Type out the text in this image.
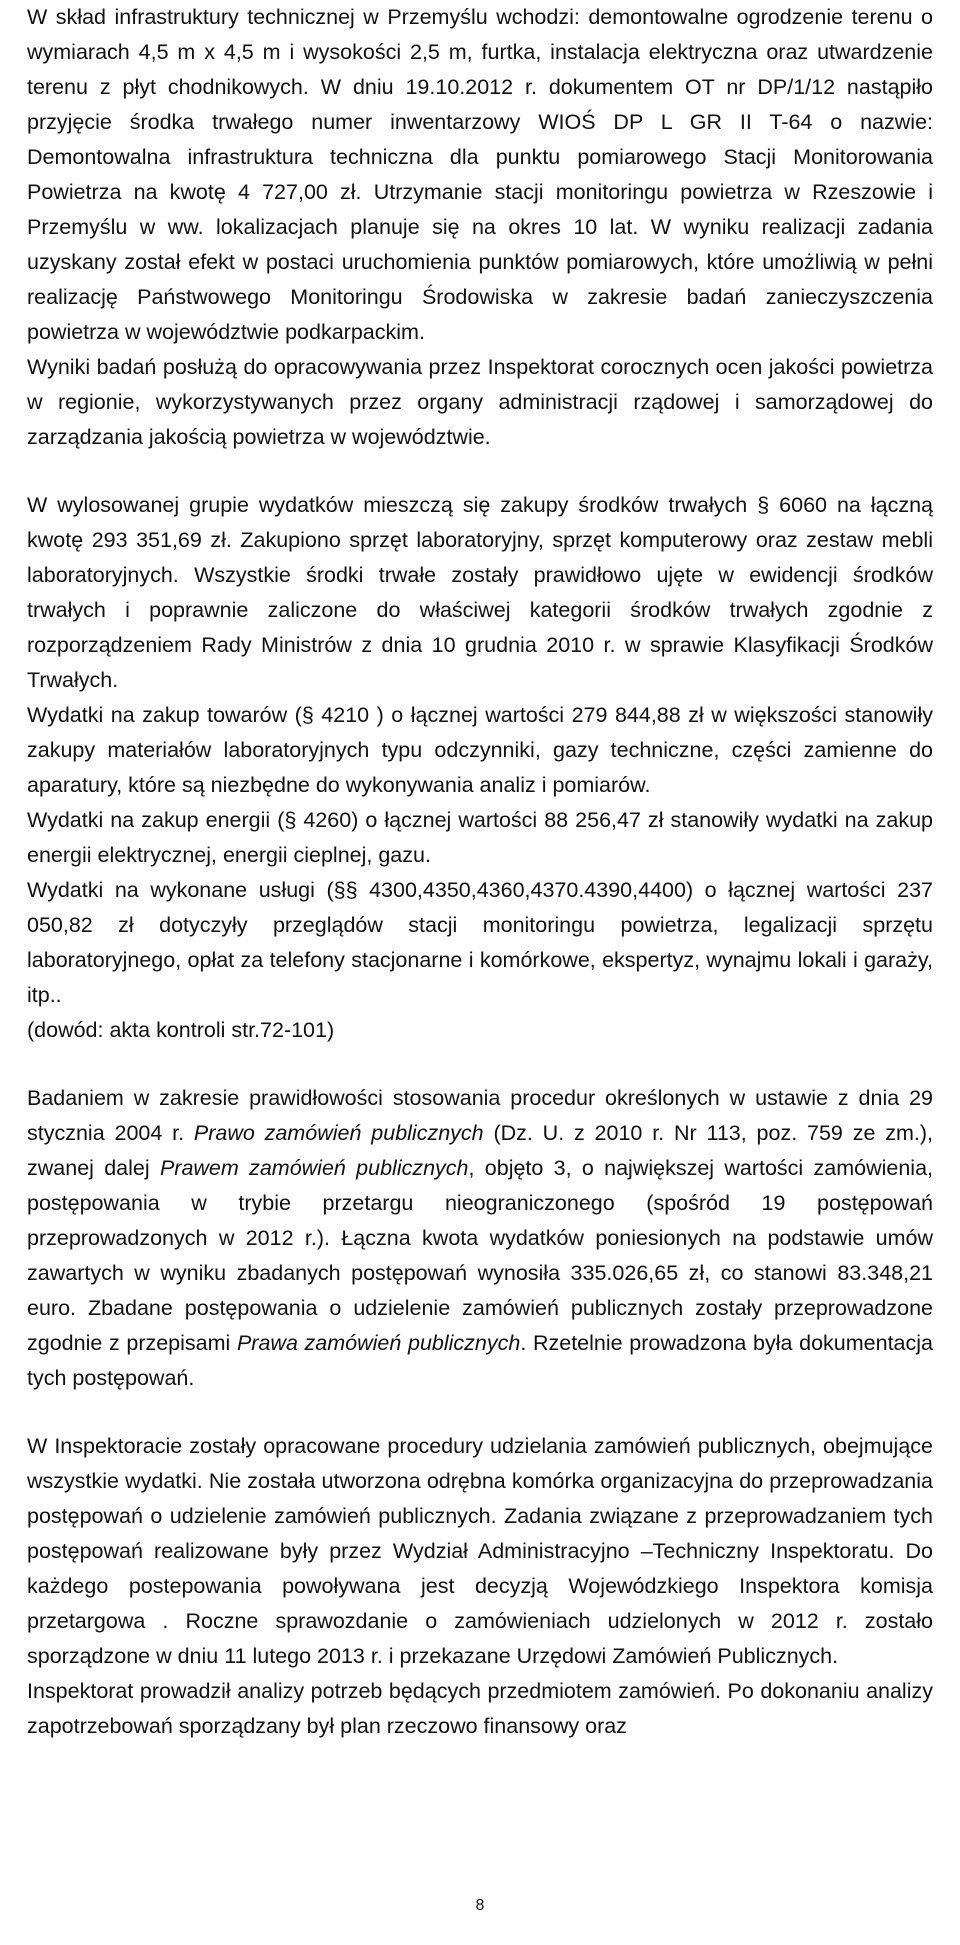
W skład infrastruktury technicznej w Przemyślu wchodzi: demontowalne ogrodzenie terenu o wymiarach 4,5 m x 4,5 m i wysokości 2,5 m, furtka, instalacja elektryczna oraz utwardzenie terenu z płyt chodnikowych. W dniu 19.10.2012 r. dokumentem OT nr DP/1/12 nastąpiło przyjęcie środka trwałego numer inwentarzowy WIOŚ DP L GR II T-64 o nazwie: Demontowalna infrastruktura techniczna dla punktu pomiarowego Stacji Monitorowania Powietrza na kwotę 4 727,00 zł. Utrzymanie stacji monitoringu powietrza w Rzeszowie i Przemyślu w ww. lokalizacjach planuje się na okres 10 lat. W wyniku realizacji zadania uzyskany został efekt w postaci uruchomienia punktów pomiarowych, które umożliwią w pełni realizację Państwowego Monitoringu Środowiska w zakresie badań zanieczyszczenia powietrza w województwie podkarpackim.

Wyniki badań posłużą do opracowywania przez Inspektorat corocznych ocen jakości powietrza w regionie, wykorzystywanych przez organy administracji rządowej i samorządowej do zarządzania jakością powietrza w województwie.

W wylosowanej grupie wydatków mieszczą się zakupy środków trwałych § 6060 na łączną kwotę 293 351,69 zł. Zakupiono sprzęt laboratoryjny, sprzęt komputerowy oraz zestaw mebli laboratoryjnych. Wszystkie środki trwałe zostały prawidłowo ujęte w ewidencji środków trwałych i poprawnie zaliczone do właściwej kategorii środków trwałych zgodnie z rozporządzeniem Rady Ministrów z dnia 10 grudnia 2010 r. w sprawie Klasyfikacji Środków Trwałych.

Wydatki na zakup towarów (§ 4210 ) o łącznej wartości 279 844,88 zł w większości stanowiły zakupy materiałów laboratoryjnych typu odczynniki, gazy techniczne, części zamienne do aparatury, które są niezbędne do wykonywania analiz i pomiarów.

Wydatki na zakup energii (§ 4260) o łącznej wartości 88 256,47 zł stanowiły wydatki na zakup energii elektrycznej, energii cieplnej, gazu.

Wydatki na wykonane usługi (§§ 4300,4350,4360,4370.4390,4400) o łącznej wartości 237 050,82 zł dotyczyły przeglądów stacji monitoringu powietrza, legalizacji sprzętu laboratoryjnego, opłat za telefony stacjonarne i komórkowe, ekspertyz, wynajmu lokali i garaży, itp..

(dowód: akta kontroli str.72-101)

Badaniem w zakresie prawidłowości stosowania procedur określonych w ustawie z dnia 29 stycznia 2004 r. Prawo zamówień publicznych (Dz. U. z 2010 r. Nr 113, poz. 759 ze zm.), zwanej dalej Prawem zamówień publicznych, objęto 3, o największej wartości zamówienia, postępowania w trybie przetargu nieograniczonego (spośród 19 postępowań przeprowadzonych w 2012 r.). Łączna kwota wydatków poniesionych na podstawie umów zawartych w wyniku zbadanych postępowań wynosiła 335.026,65 zł, co stanowi 83.348,21 euro. Zbadane postępowania o udzielenie zamówień publicznych zostały przeprowadzone zgodnie z przepisami Prawa zamówień publicznych. Rzetelnie prowadzona była dokumentacja tych postępowań.

W Inspektoracie zostały opracowane procedury udzielania zamówień publicznych, obejmujące wszystkie wydatki. Nie została utworzona odrębna komórka organizacyjna do przeprowadzania postępowań o udzielenie zamówień publicznych. Zadania związane z przeprowadzaniem tych postępowań realizowane były przez Wydział Administracyjno –Techniczny Inspektoratu. Do każdego postepowania powoływana jest decyzją Wojewódzkiego Inspektora komisja przetargowa . Roczne sprawozdanie o zamówieniach udzielonych w 2012 r. zostało sporządzone w dniu 11 lutego 2013 r. i przekazane Urzędowi Zamówień Publicznych.

Inspektorat prowadził analizy potrzeb będących przedmiotem zamówień. Po dokonaniu analizy zapotrzebowań sporządzany był plan rzeczowo finansowy oraz

8
